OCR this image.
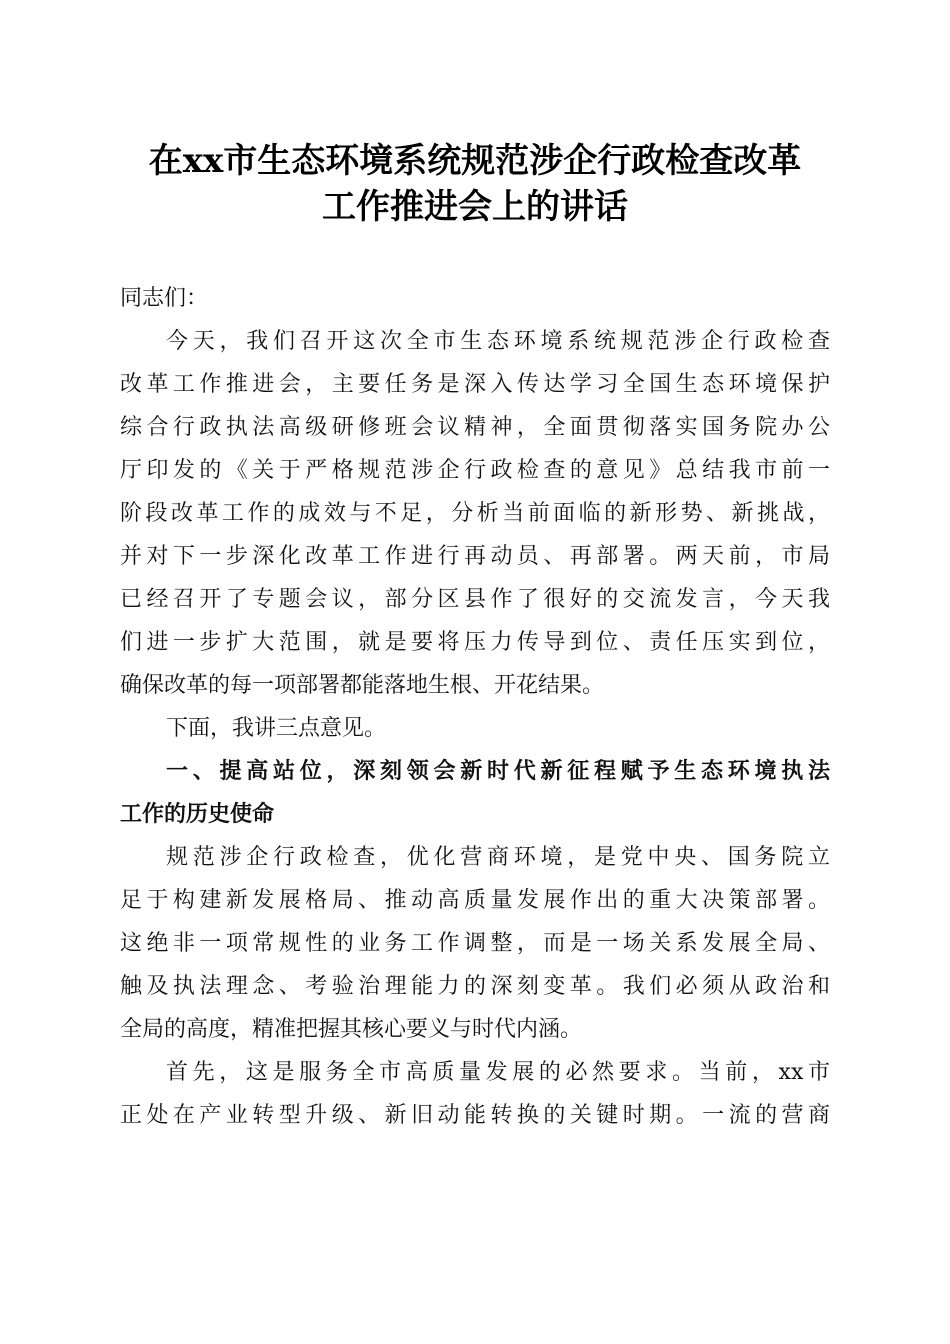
在xx市生态环境系统规范涉企行政检查改革
工作推进会上的讲话
同志们：
今天，我们召开这次全市生态环境系统规范涉企行政检查
改革工作推进会，主要任务是深入传达学习全国生态环境保护
综合行政执法高级研修班会议精神，全面贯彻落实国务院办公
厅印发的《关于严格规范涉企行政检查的意见》总结我市前一
阶段改革工作的成效与不足，分析当前面临的新形势、新挑战，
并对下一步深化改革工作进行再动员、再部署。两天前，市局
已经召开了专题会议，部分区县作了很好的交流发言，今天我
们进一步扩大范围，就是要将压力传导到位、责任压实到位，
确保改革的每一项部署都能落地生根、开花结果。
下面，我讲三点意见。
一、提高站位，深刻领会新时代新征程赋予生态环境执法
工作的历史使命
规范涉企行政检查，优化营商环境，是党中央、国务院立
足于构建新发展格局、推动高质量发展作出的重大决策部署。
这绝非一项常规性的业务工作调整，而是一场关系发展全局、
触及执法理念、考验治理能力的深刻变革。我们必须从政治和
全局的高度，精准把握其核心要义与时代内涵。
首先，这是服务全市高质量发展的必然要求。当前，xx市
正处在产业转型升级、新旧动能转换的关键时期。一流的营商
